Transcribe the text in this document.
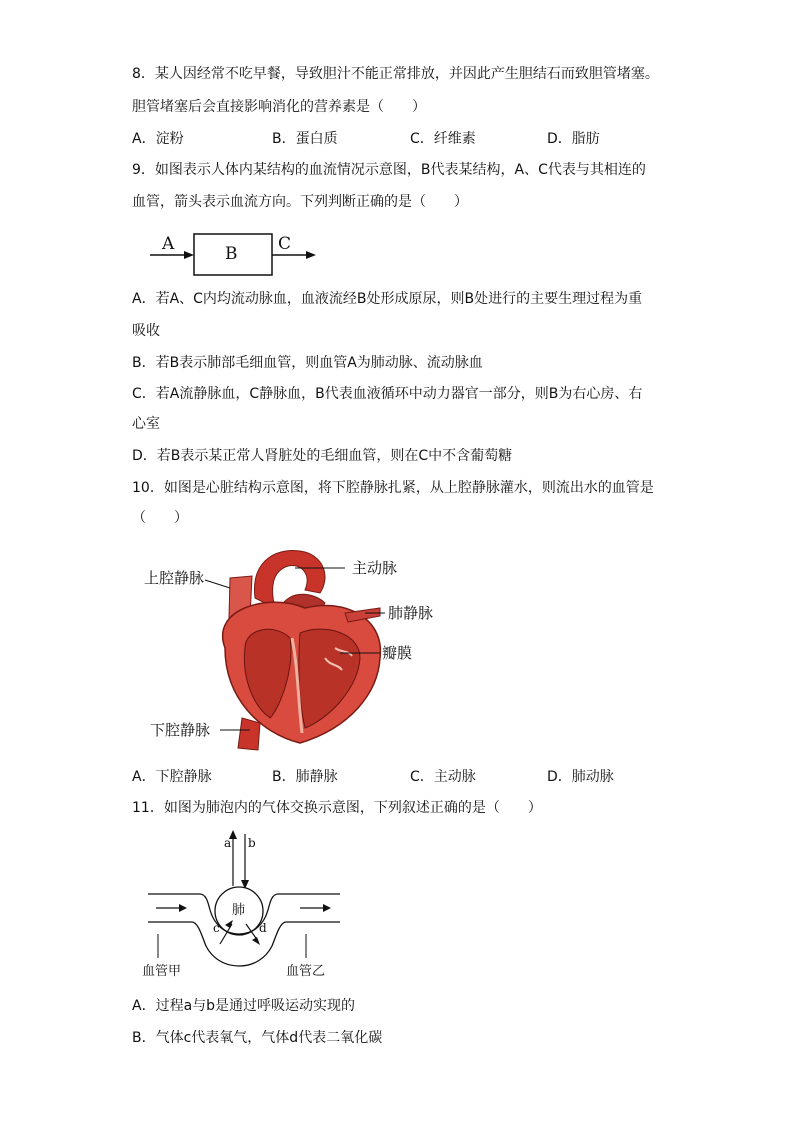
8．某人因经常不吃早餐，导致胆汁不能正常排放，并因此产生胆结石而致胆管堵塞。
胆管堵塞后会直接影响消化的营养素是（　　）
A．淀粉	B．蛋白质	C．纤维素	D．脂肪
9．如图表示人体内某结构的血流情况示意图，B代表某结构，A、C代表与其相连的
血管，箭头表示血流方向。下列判断正确的是（　　）
A	B C
A．若A、C内均流动脉血，血液流经B处形成原尿，则B处进行的主要生理过程为重
吸收
B．若B表示肺部毛细血管，则血管A为肺动脉、流动脉血
C．若A流静脉血，C静脉血，B代表血液循环中动力器官一部分，则B为右心房、右
心室
D．若B表示某正常人肾脏处的毛细血管，则在C中不含葡萄糖
10．如图是心脏结构示意图，将下腔静脉扎紧，从上腔静脉灌水，则流出水的血管是
（　　）
上腔静脉
主动脉
肺静脉
瓣膜
下腔静脉
A．下腔静脉	B．肺静脉	C．主动脉	D．肺动脉
11．如图为肺泡内的气体交换示意图，下列叙述正确的是（　　）
a b
肺
c	d
血管甲	血管乙
A．过程a与b是通过呼吸运动实现的
B．气体c代表氧气，气体d代表二氧化碳
